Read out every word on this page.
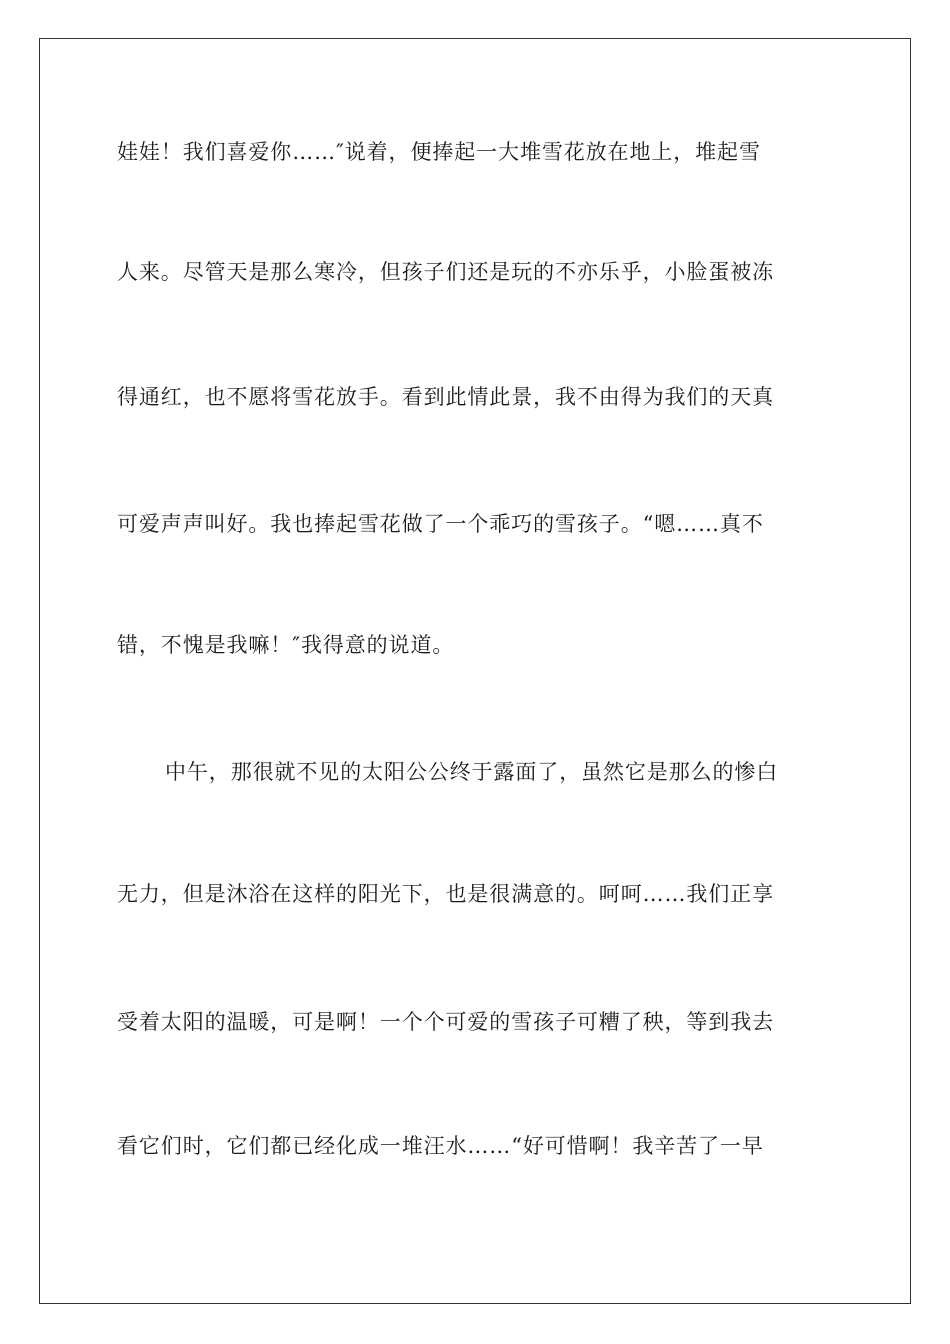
娃娃！我们喜爱你……″说着，便捧起一大堆雪花放在地上，堆起雪
人来。尽管天是那么寒冷，但孩子们还是玩的不亦乐乎，小脸蛋被冻
得通红，也不愿将雪花放手。看到此情此景，我不由得为我们的天真
可爱声声叫好。我也捧起雪花做了一个乖巧的雪孩子。“嗯……真不
错，不愧是我嘛！″我得意的说道。
中午，那很就不见的太阳公公终于露面了，虽然它是那么的惨白
无力，但是沐浴在这样的阳光下，也是很满意的。呵呵……我们正享
受着太阳的温暖，可是啊！一个个可爱的雪孩子可糟了秧，等到我去
看它们时，它们都已经化成一堆汪水……“好可惜啊！我辛苦了一早
